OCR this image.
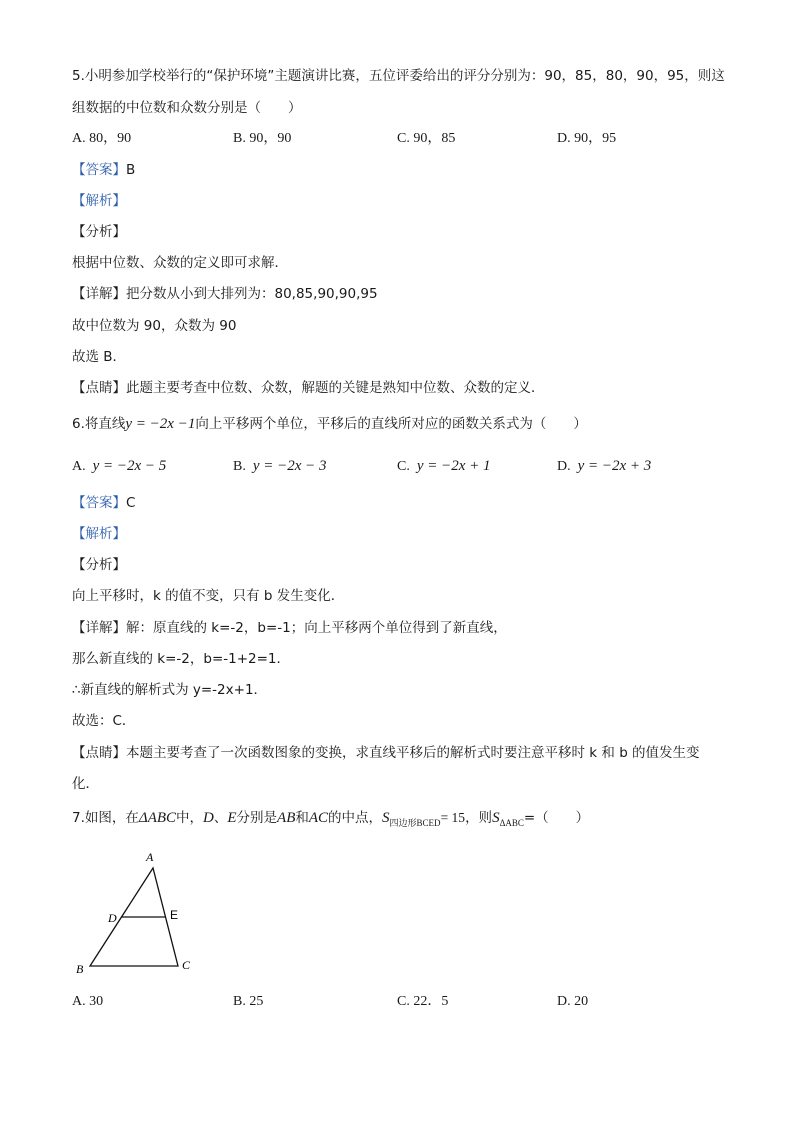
5.小明参加学校举行的“保护环境”主题演讲比赛，五位评委给出的评分分别为：90，85，80，90，95，则这
组数据的中位数和众数分别是（　　）
A. 80，90	B. 90，90	C. 90，85	D. 90，95
【答案】B
【解析】
【分析】
根据中位数、众数的定义即可求解．
【详解】把分数从小到大排列为：80,85,90,90,95
故中位数为 90，众数为 90
故选 B．
【点睛】此题主要考查中位数、众数，解题的关键是熟知中位数、众数的定义．
6.将直线y = −2x −1向上平移两个单位，平移后的直线所对应的函数关系式为（　　）
A. y = −2x − 5	B. y = −2x − 3	C. y = −2x + 1	D. y = −2x + 3
【答案】C
【解析】
【分析】
向上平移时，k 的值不变，只有 b 发生变化．
【详解】解：原直线的 k=-2，b=-1；向上平移两个单位得到了新直线，
那么新直线的 k=-2，b=-1+2=1．
∴新直线的解析式为 y=-2x+1．
故选：C．
【点睛】本题主要考查了一次函数图象的变换，求直线平移后的解析式时要注意平移时 k 和 b 的值发生变
化．
7.如图，在ΔABC中，D、E分别是AB和AC的中点，$S_{四边形BCED}= 15$，则$S_{\Delta ABC}=$（　　）
A
D	E
B	C
A. 30	B. 25	C. 22．5	D. 20
